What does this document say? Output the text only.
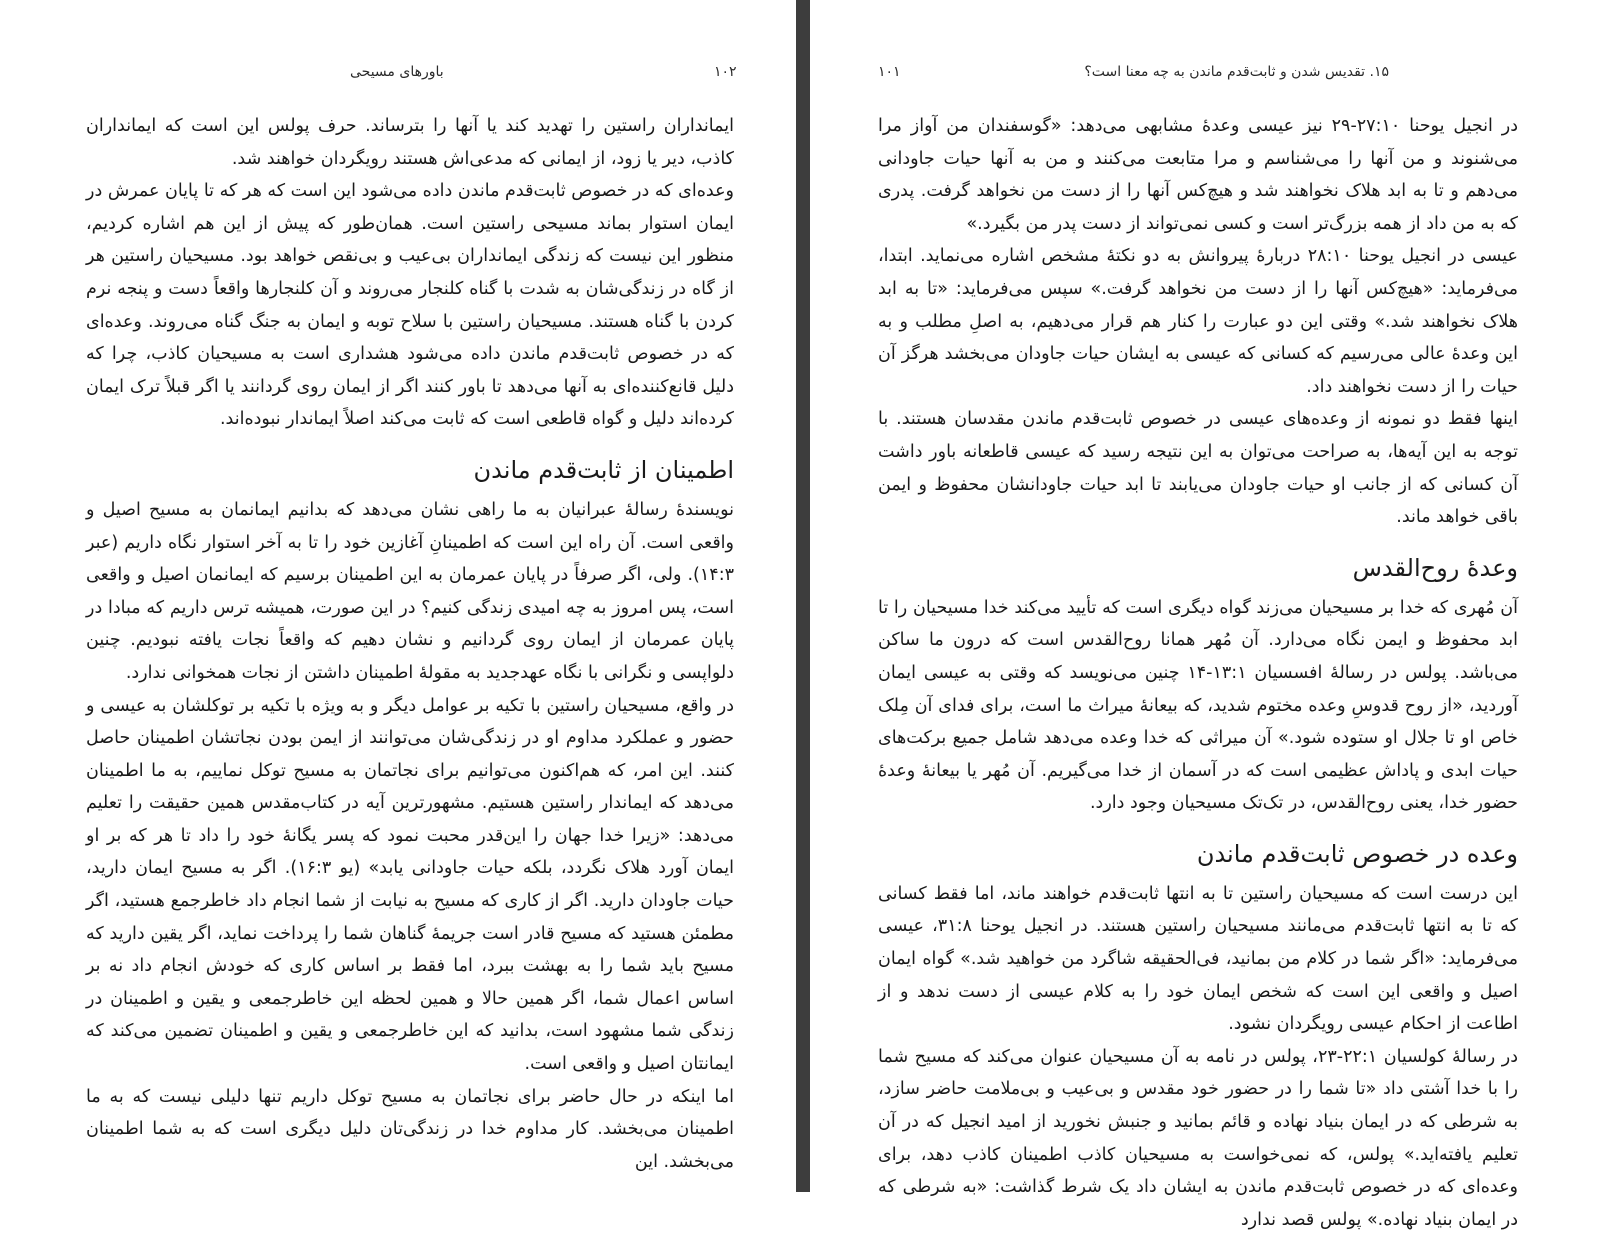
باورهای مسیحی	۱۰۲

ایمانداران راستین را تهدید کند یا آنها را بترساند. حرف پولس این است که ایمانداران کاذب، دیر یا زود، از ایمانی که مدعی‌اش هستند رویگردان خواهند شد.

وعده‌ای که در خصوص ثابت‌قدم ماندن داده می‌شود این است که هر که تا پایان عمرش در ایمان استوار بماند مسیحی راستین است. همان‌طور که پیش از این هم اشاره کردیم، منظور این نیست که زندگی ایمانداران بی‌عیب و بی‌نقص خواهد بود. مسیحیان راستین هر از گاه در زندگی‌شان به شدت با گناه کلنجار می‌روند و آن کلنجارها واقعاً دست و پنجه نرم کردن با گناه هستند. مسیحیان راستین با سلاح توبه و ایمان به جنگ گناه می‌روند. وعده‌ای که در خصوص ثابت‌قدم ماندن داده می‌شود هشداری است به مسیحیان کاذب، چرا که دلیل قانع‌کننده‌ای به آنها می‌دهد تا باور کنند اگر از ایمان روی گردانند یا اگر قبلاً ترک ایمان کرده‌اند دلیل و گواه قاطعی است که ثابت می‌کند اصلاً ایماندار نبوده‌اند.

اطمینان از ثابت‌قدم ماندن

نویسندهٔ رسالهٔ عبرانیان به ما راهی نشان می‌دهد که بدانیم ایمانمان به مسیح اصیل و واقعی است. آن راه این است که اطمینانِ آغازین خود را تا به آخر استوار نگاه داریم (عبر ۱۴:۳). ولی، اگر صرفاً در پایان عمرمان به این اطمینان برسیم که ایمانمان اصیل و واقعی است، پس امروز به چه امیدی زندگی کنیم؟ در این صورت، همیشه ترس داریم که مبادا در پایان عمرمان از ایمان روی گردانیم و نشان دهیم که واقعاً نجات یافته نبودیم. چنین دلواپسی و نگرانی با نگاه عهدجدید به مقولهٔ اطمینان داشتن از نجات همخوانی ندارد.

در واقع، مسیحیان راستین با تکیه بر عوامل دیگر و به ویژه با تکیه بر توکلشان به عیسی و حضور و عملکرد مداوم او در زندگی‌شان می‌توانند از ایمن بودن نجاتشان اطمینان حاصل کنند. این امر، که هم‌اکنون می‌توانیم برای نجاتمان به مسیح توکل نماییم، به ما اطمینان می‌دهد که ایماندار راستین هستیم. مشهورترین آیه در کتاب‌مقدس همین حقیقت را تعلیم می‌دهد: «زیرا خدا جهان را این‌قدر محبت نمود که پسر یگانهٔ خود را داد تا هر که بر او ایمان آورد هلاک نگردد، بلکه حیات جاودانی یابد» (یو ۱۶:۳). اگر به مسیح ایمان دارید، حیات جاودان دارید. اگر از کاری که مسیح به نیابت از شما انجام داد خاطرجمع هستید، اگر مطمئن هستید که مسیح قادر است جریمهٔ گناهان شما را پرداخت نماید، اگر یقین دارید که مسیح باید شما را به بهشت ببرد، اما فقط بر اساس کاری که خودش انجام داد نه بر اساس اعمال شما، اگر همین حالا و همین لحظه این خاطرجمعی و یقین و اطمینان در زندگی شما مشهود است، بدانید که این خاطرجمعی و یقین و اطمینان تضمین می‌کند که ایمانتان اصیل و واقعی است.

اما اینکه در حال حاضر برای نجاتمان به مسیح توکل داریم تنها دلیلی نیست که به ما اطمینان می‌بخشد. کار مداوم خدا در زندگی‌تان دلیل دیگری است که به شما اطمینان می‌بخشد. این

۱۵. تقدیس شدن و ثابت‌قدم ماندن به چه معنا است؟
۱۰۱

در انجیل یوحنا ۲۷:۱۰-۲۹ نیز عیسی وعدهٔ مشابهی می‌دهد: «گوسفندان من آواز مرا می‌شنوند و من آنها را می‌شناسم و مرا متابعت می‌کنند و من به آنها حیات جاودانی می‌دهم و تا به ابد هلاک نخواهند شد و هیچ‌کس آنها را از دست من نخواهد گرفت. پدری که به من داد از همه بزرگ‌تر است و کسی نمی‌تواند از دست پدر من بگیرد.»

عیسی در انجیل یوحنا ۲۸:۱۰ دربارهٔ پیروانش به دو نکتهٔ مشخص اشاره می‌نماید. ابتدا، می‌فرماید: «هیچ‌کس آنها را از دست من نخواهد گرفت.» سپس می‌فرماید: «تا به ابد هلاک نخواهند شد.» وقتی این دو عبارت را کنار هم قرار می‌دهیم، به اصلِ مطلب و به این وعدهٔ عالی می‌رسیم که کسانی که عیسی به ایشان حیات جاودان می‌بخشد هرگز آن حیات را از دست نخواهند داد.

اینها فقط دو نمونه از وعده‌های عیسی در خصوص ثابت‌قدم ماندن مقدسان هستند. با توجه به این آیه‌ها، به صراحت می‌توان به این نتیجه رسید که عیسی قاطعانه باور داشت آن کسانی که از جانب او حیات جاودان می‌یابند تا ابد حیات جاودانشان محفوظ و ایمن باقی خواهد ماند.

وعدهٔ روح‌القدس

آن مُهری که خدا بر مسیحیان می‌زند گواه دیگری است که تأیید می‌کند خدا مسیحیان را تا ابد محفوظ و ایمن نگاه می‌دارد. آن مُهر همانا روح‌القدس است که درون ما ساکن می‌باشد. پولس در رسالهٔ افسسیان ۱۳:۱-۱۴ چنین می‌نویسد که وقتی به عیسی ایمان آوردید، «از روح قدوسِ وعده مختوم شدید، که بیعانهٔ میراث ما است، برای فدای آن مِلک خاص او تا جلال او ستوده شود.» آن میراثی که خدا وعده می‌دهد شامل جمیع برکت‌های حیات ابدی و پاداش عظیمی است که در آسمان از خدا می‌گیریم. آن مُهر یا بیعانهٔ وعدهٔ حضور خدا، یعنی روح‌القدس، در تک‌تک مسیحیان وجود دارد.

وعده در خصوص ثابت‌قدم ماندن

این درست است که مسیحیان راستین تا به انتها ثابت‌قدم خواهند ماند، اما فقط کسانی که تا به انتها ثابت‌قدم می‌مانند مسیحیان راستین هستند. در انجیل یوحنا ۳۱:۸، عیسی می‌فرماید: «اگر شما در کلام من بمانید، فی‌الحقیقه شاگرد من خواهید شد.» گواه ایمان اصیل و واقعی این است که شخص ایمان خود را به کلام عیسی از دست ندهد و از اطاعت از احکام عیسی رویگردان نشود.

در رسالهٔ کولسیان ۲۲:۱-۲۳، پولس در نامه به آن مسیحیان عنوان می‌کند که مسیح شما را با خدا آشتی داد «تا شما را در حضور خود مقدس و بی‌عیب و بی‌ملامت حاضر سازد، به شرطی که در ایمان بنیاد نهاده و قائم بمانید و جنبش نخورید از امید انجیل که در آن تعلیم یافته‌اید.» پولس، که نمی‌خواست به مسیحیان کاذب اطمینان کاذب دهد، برای وعده‌ای که در خصوص ثابت‌قدم ماندن به ایشان داد یک شرط گذاشت: «به شرطی که در ایمان بنیاد نهاده.» پولس قصد ندارد
